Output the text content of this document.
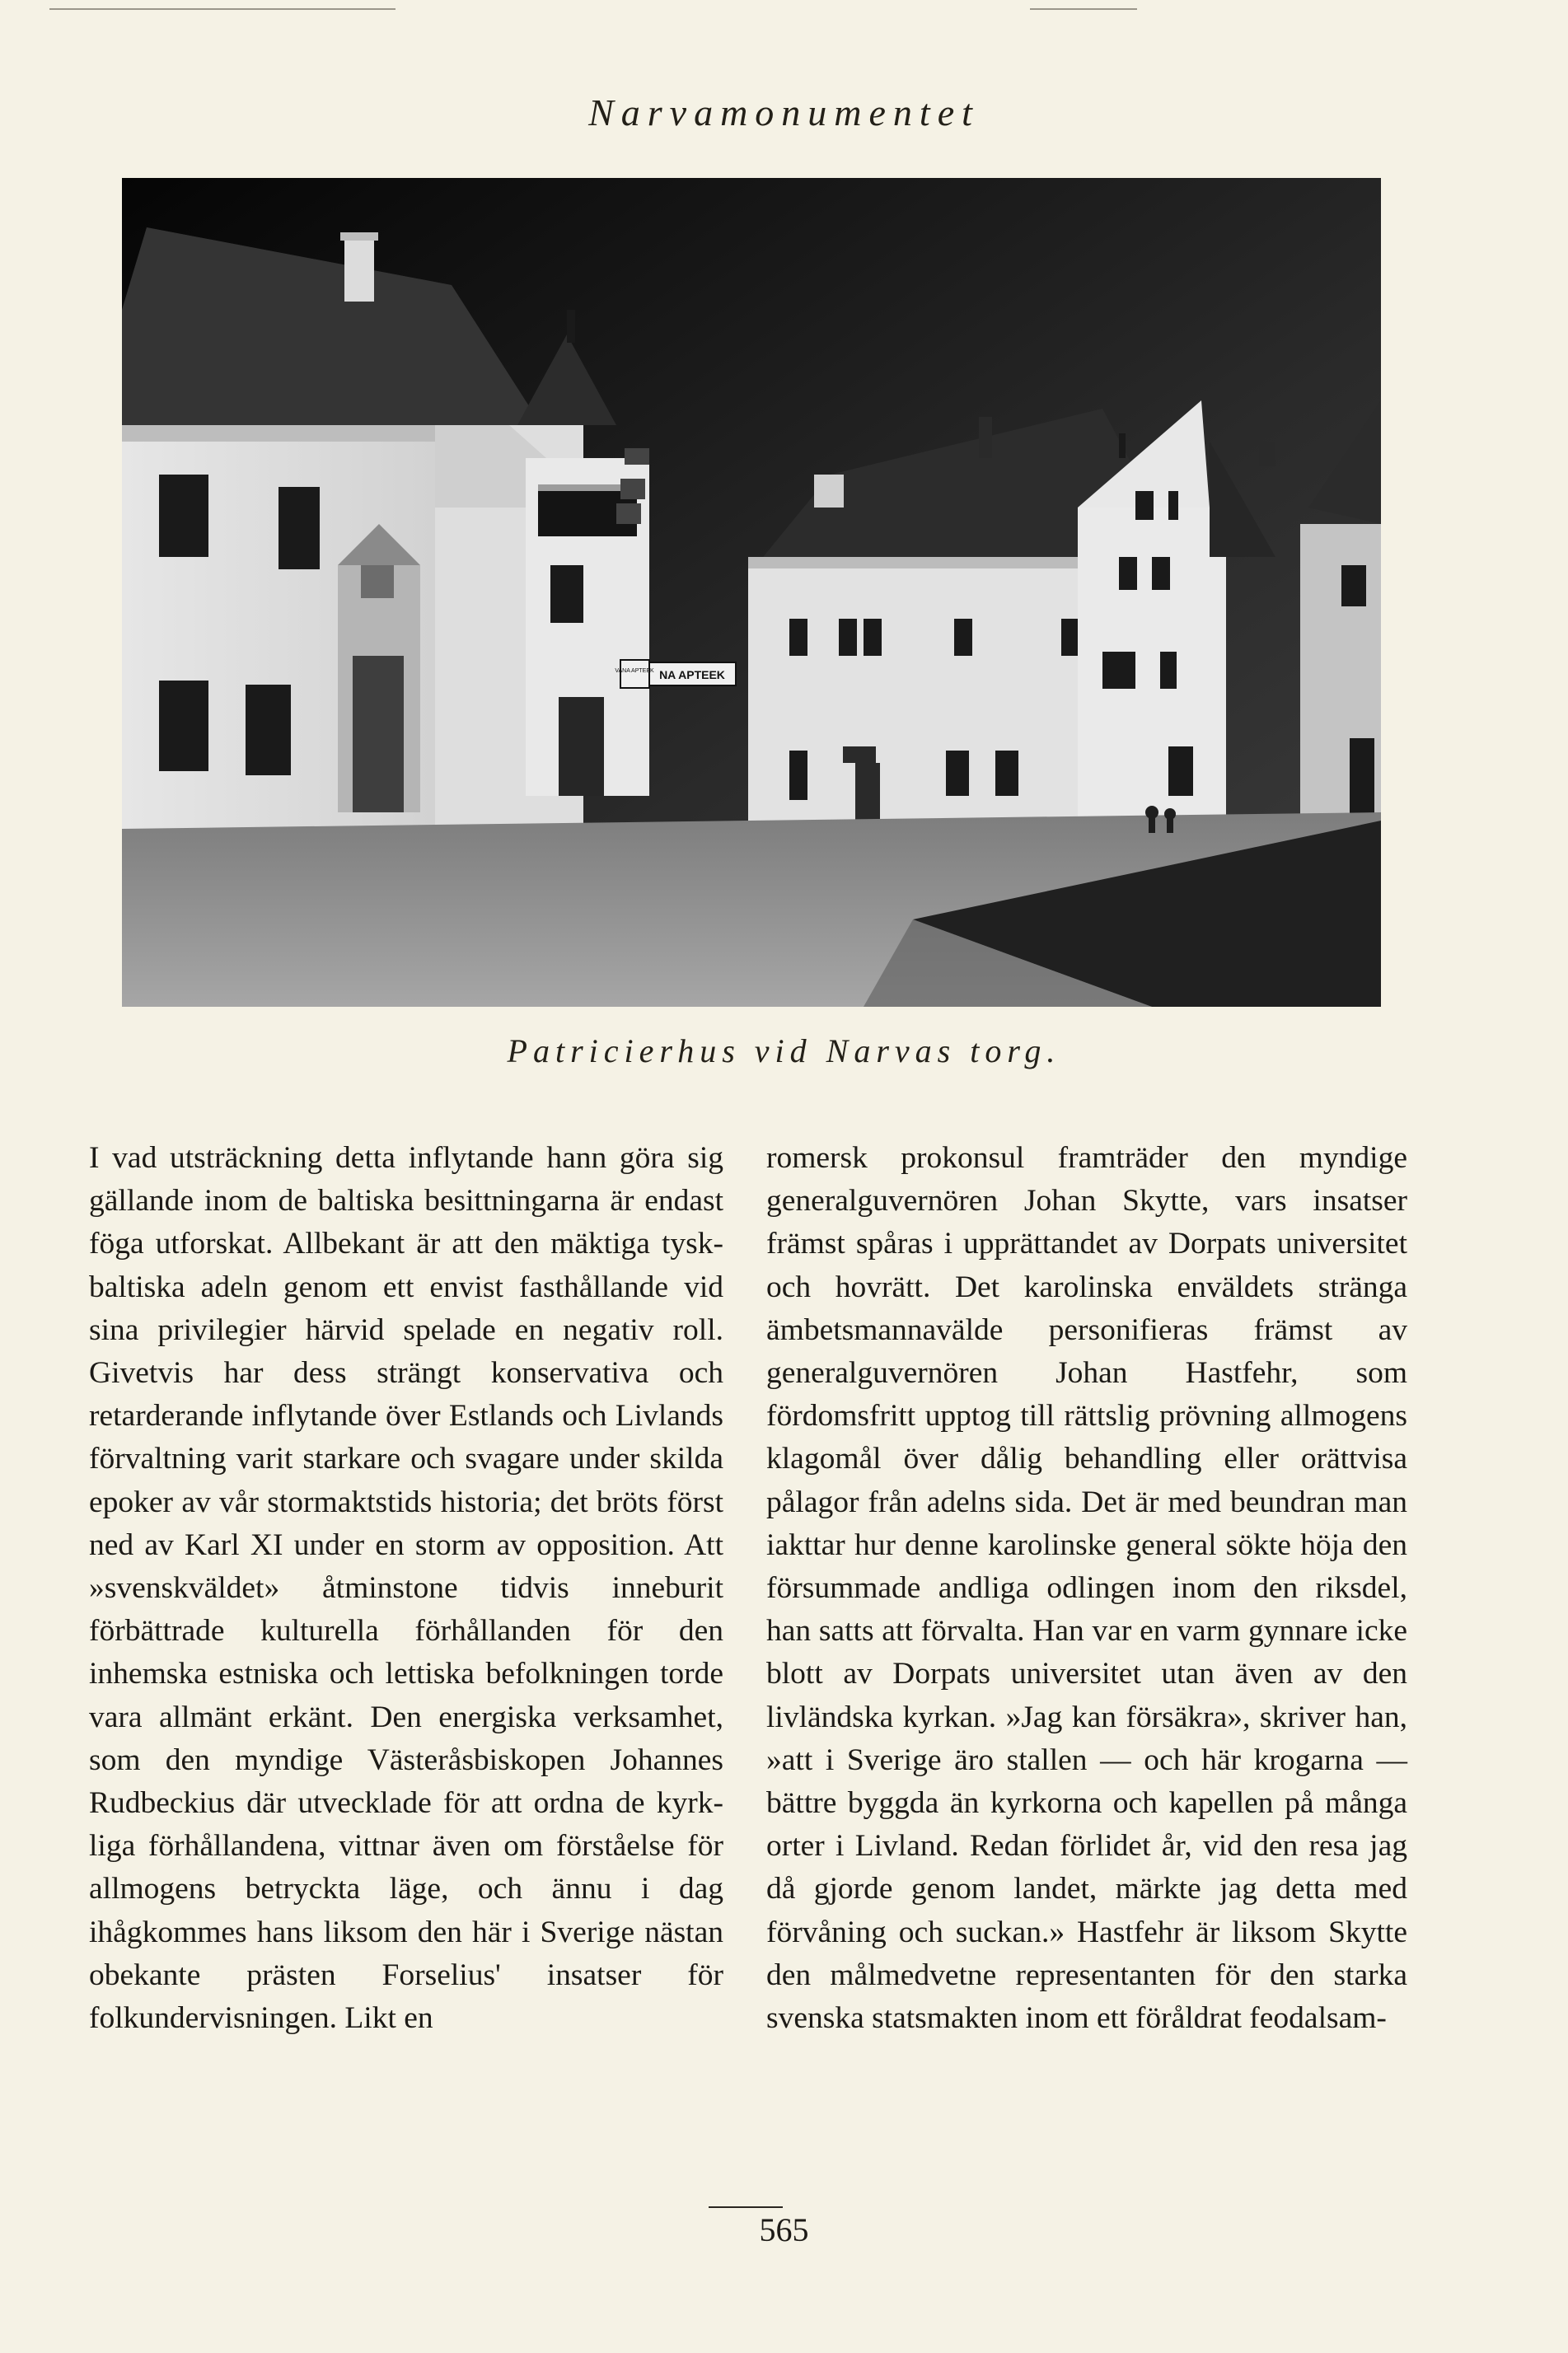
Narvamonumentet
VANA APTEEK NA APTEEK
Patricierhus vid Narvas torg.
I vad utsträckning detta inflytande hann göra sig gällande inom de baltiska besittningarna är endast föga utforskat. Allbekant är att den mäktiga tysk-baltiska adeln genom ett envist fasthållande vid sina privilegier härvid spelade en negativ roll. Givetvis har dess strängt konservativa och retarderande inflytande över Estlands och Livlands förvaltning varit starkare och svagare under skilda epoker av vår stormaktstids historia; det bröts först ned av Karl XI under en storm av opposition. Att »svenskväldet» åtminstone tidvis inneburit förbättrade kulturella förhållanden för den inhemska estniska och lettiska befolkningen torde vara allmänt erkänt. Den energiska verksamhet, som den myndige Västeråsbiskopen Johannes Rudbeckius där utvecklade för att ordna de kyrkliga förhållandena, vittnar även om förståelse för allmogens betryckta läge, och ännu i dag ihågkommes hans liksom den här i Sverige nästan obekante prästen Forselius' insatser för folkundervisningen. Likt en
romersk prokonsul framträder den myndige generalguvernören Johan Skytte, vars insatser främst spåras i upprättandet av Dorpats universitet och hovrätt. Det karolinska enväldets stränga ämbetsmannavälde personifieras främst av generalguvernören Johan Hastfehr, som fördomsfritt upptog till rättslig prövning allmogens klagomål över dålig behandling eller orättvisa pålagor från adelns sida. Det är med beundran man iakttar hur denne karolinske general sökte höja den försummade andliga odlingen inom den riksdel, han satts att förvalta. Han var en varm gynnare icke blott av Dorpats universitet utan även av den livländska kyrkan. »Jag kan försäkra», skriver han, »att i Sverige äro stallen — och här krogarna — bättre byggda än kyrkorna och kapellen på många orter i Livland. Redan förlidet år, vid den resa jag då gjorde genom landet, märkte jag detta med förvåning och suckan.» Hastfehr är liksom Skytte den målmedvetne representanten för den starka svenska statsmakten inom ett föråldrat feodalsam-
565
